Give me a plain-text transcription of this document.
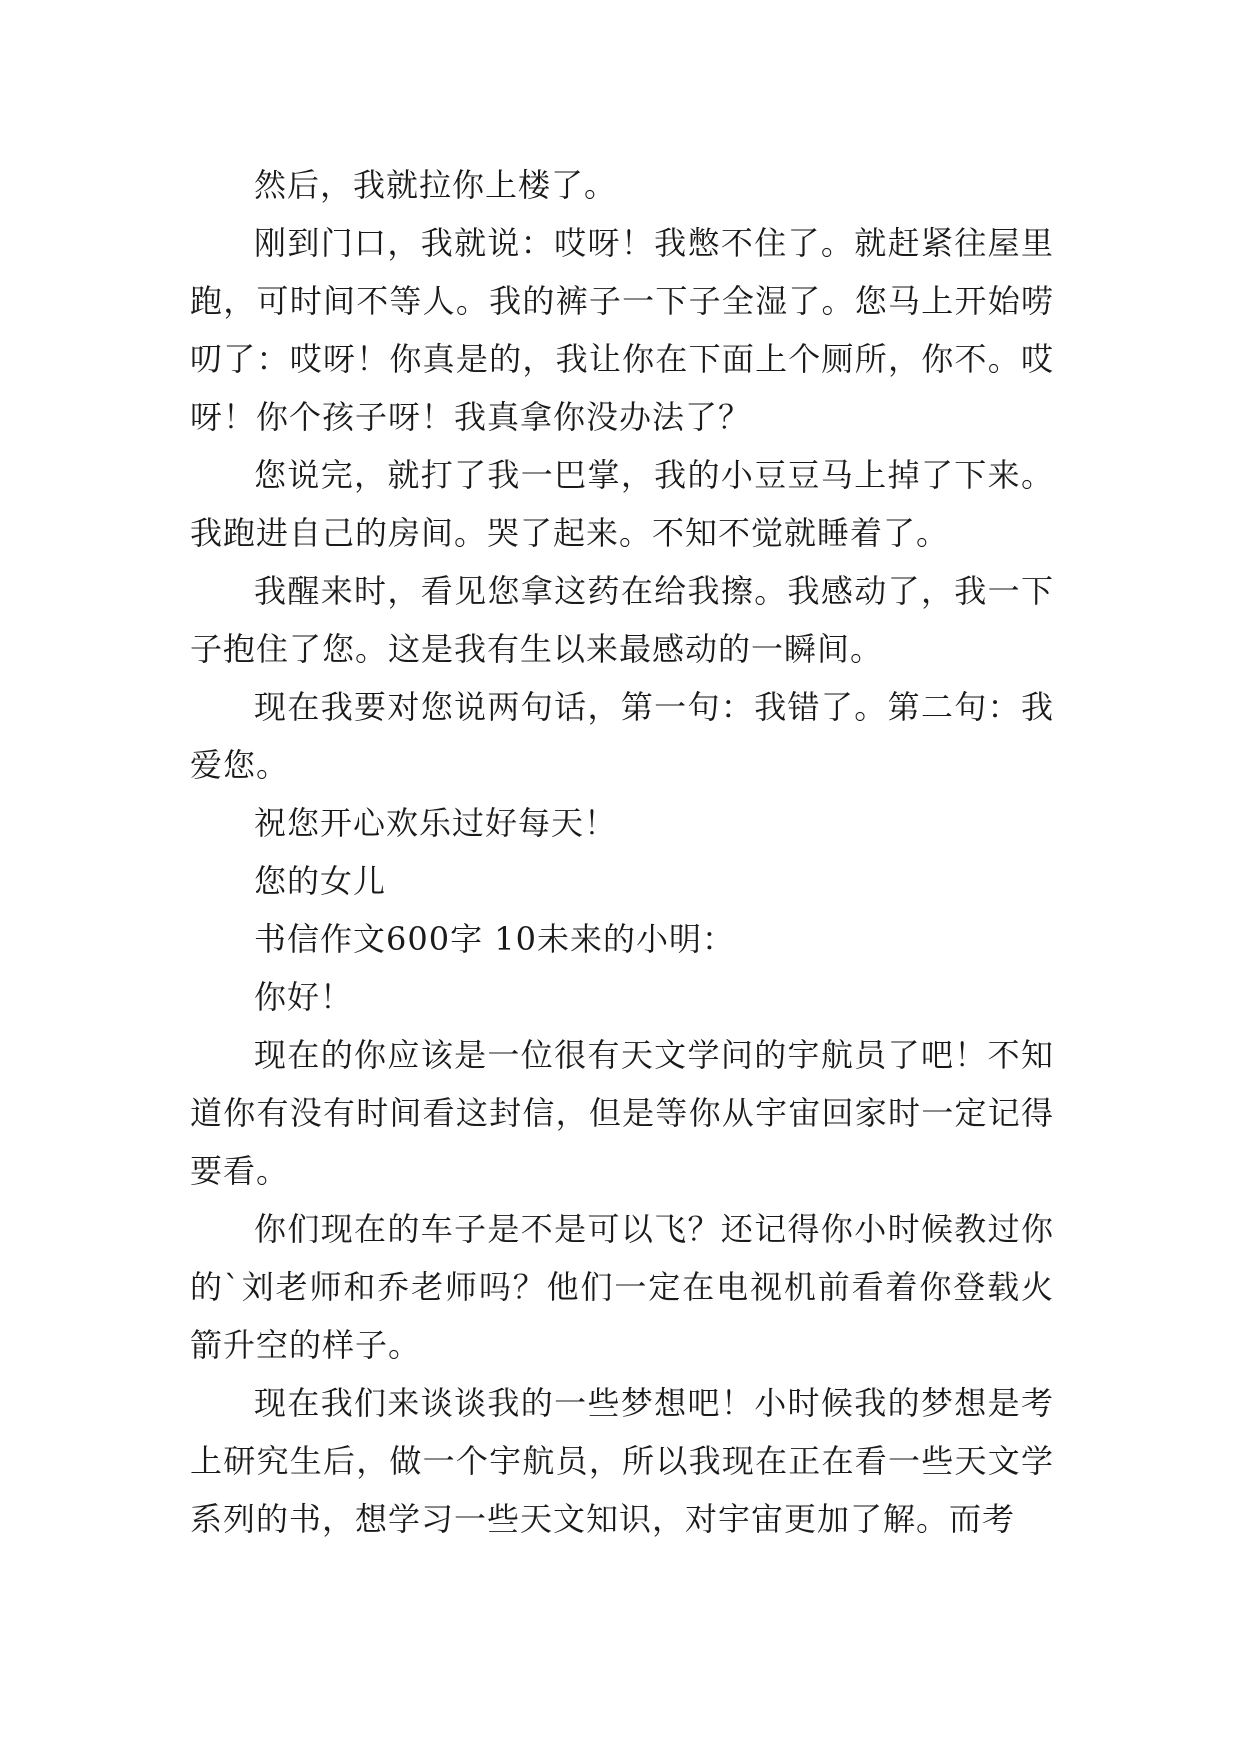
然后，我就拉你上楼了。

刚到门口，我就说：哎呀！我憋不住了。就赶紧往屋里跑，可时间不等人。我的裤子一下子全湿了。您马上开始唠叨了：哎呀！你真是的，我让你在下面上个厕所，你不。哎呀！你个孩子呀！我真拿你没办法了？

您说完，就打了我一巴掌，我的小豆豆马上掉了下来。我跑进自己的房间。哭了起来。不知不觉就睡着了。

我醒来时，看见您拿这药在给我擦。我感动了，我一下子抱住了您。这是我有生以来最感动的一瞬间。

现在我要对您说两句话，第一句：我错了。第二句：我爱您。

祝您开心欢乐过好每天！

您的女儿

书信作文600字 10未来的小明：

你好！

现在的你应该是一位很有天文学问的宇航员了吧！不知道你有没有时间看这封信，但是等你从宇宙回家时一定记得要看。

你们现在的车子是不是可以飞？还记得你小时候教过你的`刘老师和乔老师吗？他们一定在电视机前看着你登载火箭升空的样子。

现在我们来谈谈我的一些梦想吧！小时候我的梦想是考上研究生后，做一个宇航员，所以我现在正在看一些天文学系列的书，想学习一些天文知识，对宇宙更加了解。而考
